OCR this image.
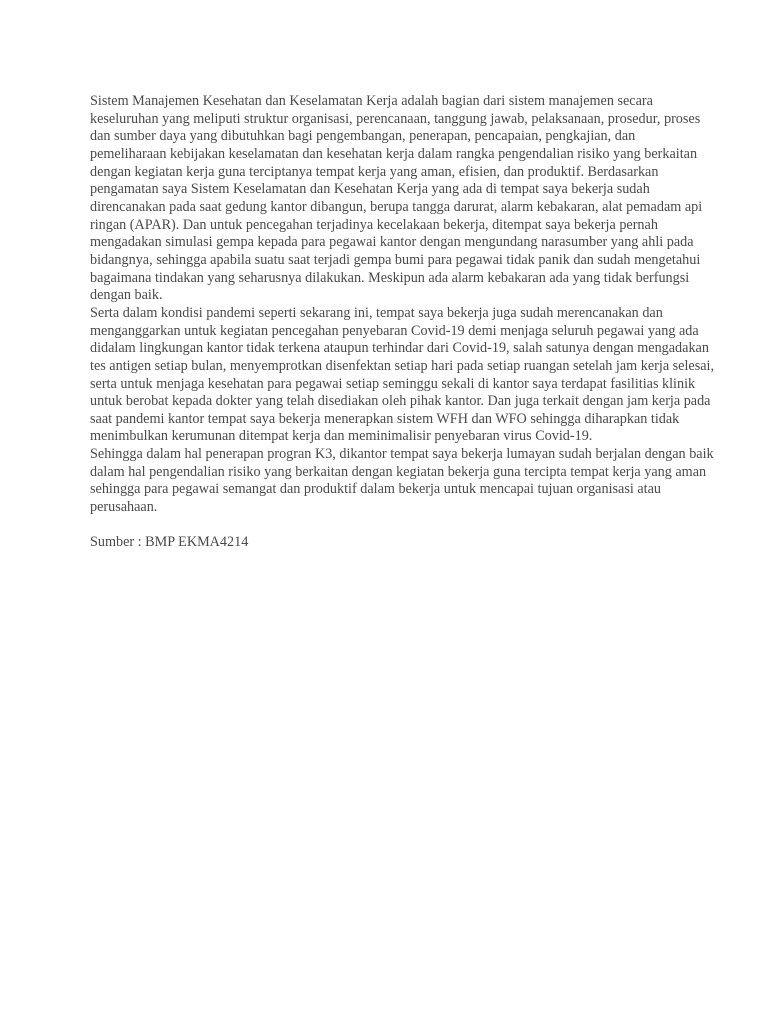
Sistem Manajemen Kesehatan dan Keselamatan Kerja adalah bagian dari sistem manajemen secara keseluruhan yang meliputi struktur organisasi, perencanaan, tanggung jawab, pelaksanaan, prosedur, proses dan sumber daya yang dibutuhkan bagi pengembangan, penerapan, pencapaian, pengkajian, dan pemeliharaan kebijakan keselamatan dan kesehatan kerja dalam rangka pengendalian risiko yang berkaitan dengan kegiatan kerja guna terciptanya tempat kerja yang aman, efisien, dan produktif. Berdasarkan pengamatan saya Sistem Keselamatan dan Kesehatan Kerja yang ada di tempat saya bekerja sudah direncanakan pada saat gedung kantor dibangun, berupa tangga darurat, alarm kebakaran, alat pemadam api ringan (APAR). Dan untuk pencegahan terjadinya kecelakaan bekerja, ditempat saya bekerja pernah mengadakan simulasi gempa kepada para pegawai kantor dengan mengundang narasumber yang ahli pada bidangnya, sehingga apabila suatu saat terjadi gempa bumi para pegawai tidak panik dan sudah mengetahui bagaimana tindakan yang seharusnya dilakukan. Meskipun ada alarm kebakaran ada yang tidak berfungsi dengan baik.

Serta dalam kondisi pandemi seperti sekarang ini, tempat saya bekerja juga sudah merencanakan dan menganggarkan untuk kegiatan pencegahan penyebaran Covid-19 demi menjaga seluruh pegawai yang ada didalam lingkungan kantor tidak terkena ataupun terhindar dari Covid-19, salah satunya dengan mengadakan tes antigen setiap bulan, menyemprotkan disenfektan setiap hari pada setiap ruangan setelah jam kerja selesai, serta untuk menjaga kesehatan para pegawai setiap seminggu sekali di kantor saya terdapat fasilitias klinik untuk berobat kepada dokter yang telah disediakan oleh pihak kantor. Dan juga terkait dengan jam kerja pada saat pandemi kantor tempat saya bekerja menerapkan sistem WFH dan WFO sehingga diharapkan tidak menimbulkan kerumunan ditempat kerja dan meminimalisir penyebaran virus Covid-19.

Sehingga dalam hal penerapan progran K3, dikantor tempat saya bekerja lumayan sudah berjalan dengan baik dalam hal pengendalian risiko yang berkaitan dengan kegiatan bekerja guna tercipta tempat kerja yang aman sehingga para pegawai semangat dan produktif dalam bekerja untuk mencapai tujuan organisasi atau perusahaan.

Sumber : BMP EKMA4214
